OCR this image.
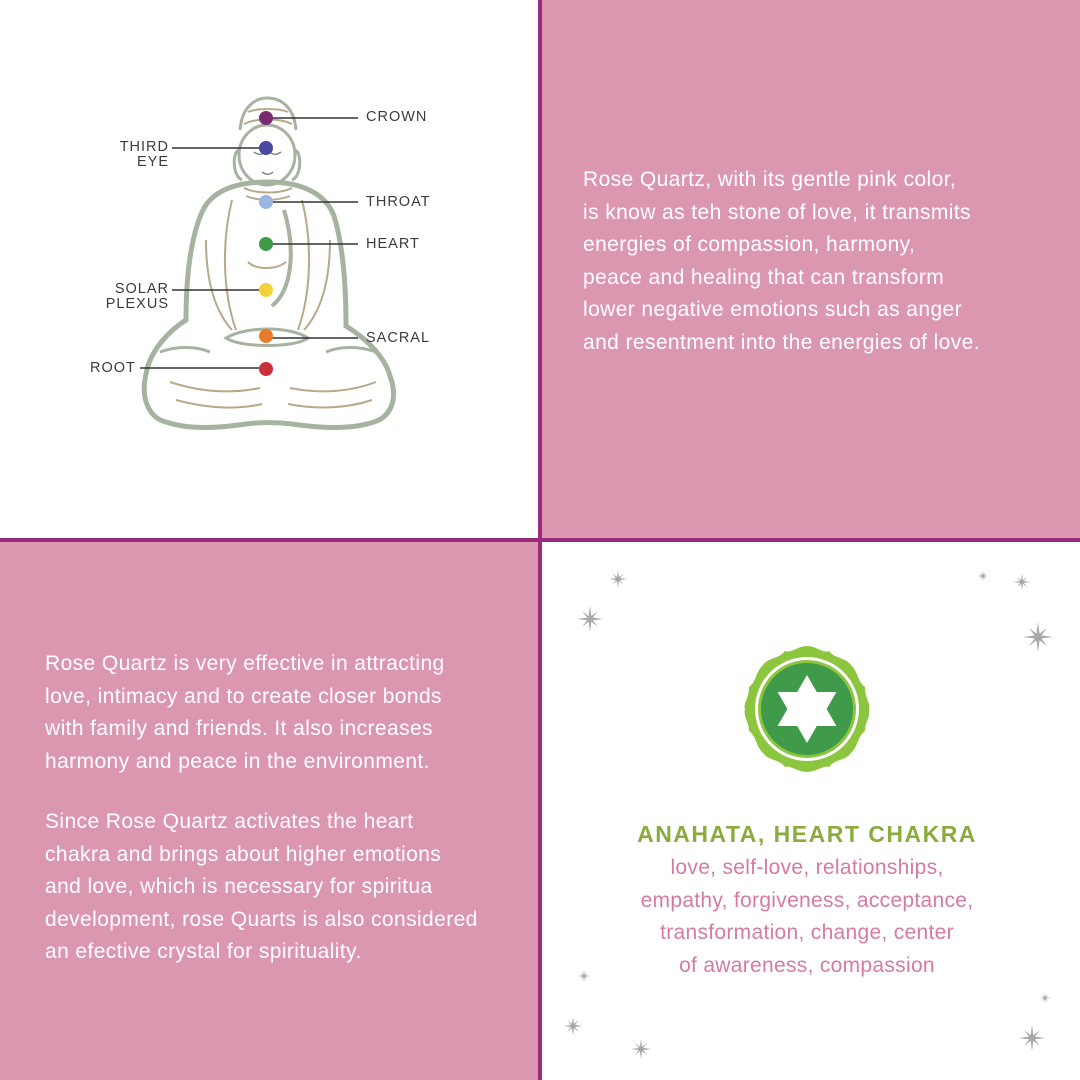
CROWN
THIRD
EYE
THROAT
HEART
SOLAR
PLEXUS
SACRAL
ROOT

Rose Quartz, with its gentle pink color,
is know as teh stone of love, it transmits
energies of compassion, harmony,
peace and healing that can transform
lower negative emotions such as anger
and resentment into the energies of love.

Rose Quartz is very effective in attracting
love, intimacy and to create closer bonds
with family and friends. It also increases
harmony and peace in the environment.

Since Rose Quartz activates the heart
chakra and brings about higher emotions
and love, which is necessary for spiritua
development, rose Quarts is also considered
an efective crystal for spirituality.

ANAHATA, HEART CHAKRA
love, self-love, relationships,
empathy, forgiveness, acceptance,
transformation, change, center
of awareness, compassion
